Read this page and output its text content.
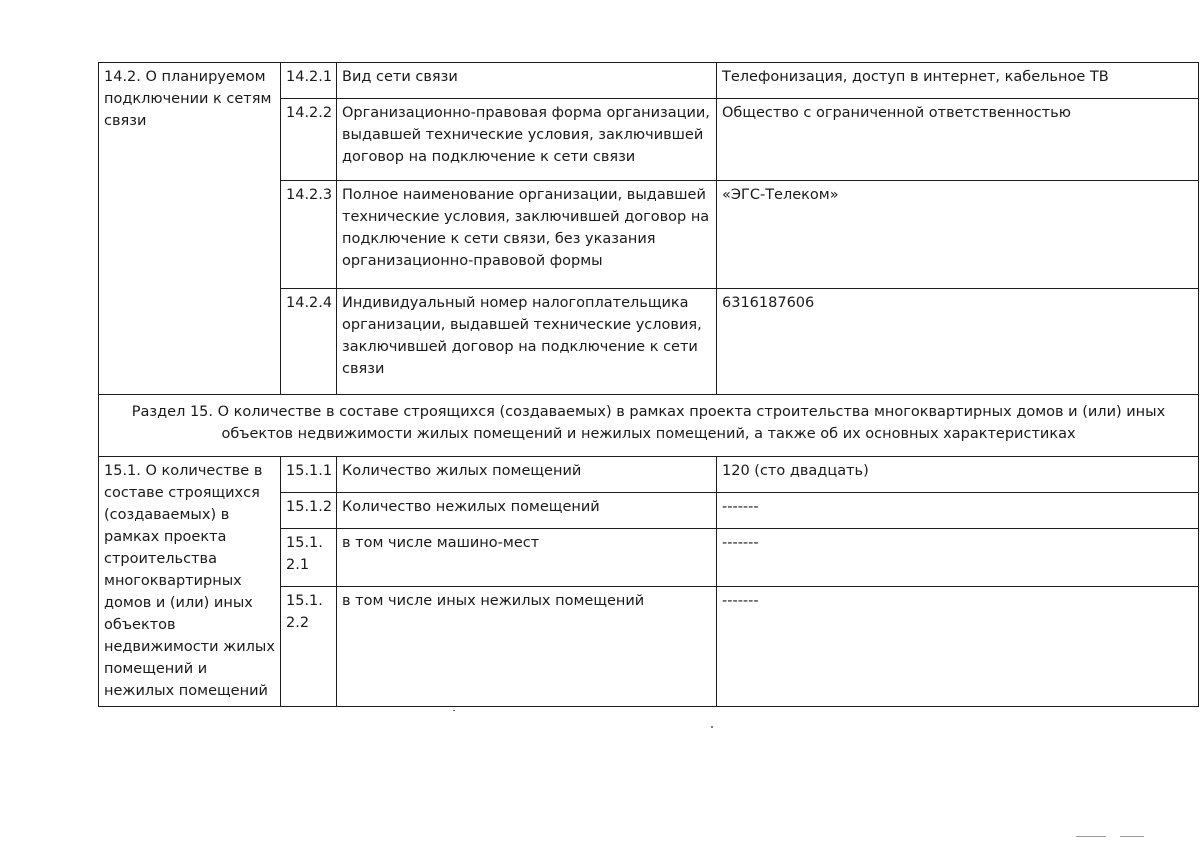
14.2. О планируемом подключении к сетям связи	14.2.1	Вид сети связи	Телефонизация, доступ в интернет, кабельное ТВ
	14.2.2	Организационно-правовая форма организации, выдавшей технические условия, заключившей договор на подключение к сети связи	Общество с ограниченной ответственностью
	14.2.3	Полное наименование организации, выдавшей технические условия, заключившей договор на подключение к сети связи, без указания организационно-правовой формы	«ЭГС-Телеком»
	14.2.4	Индивидуальный номер налогоплательщика организации, выдавшей технические условия, заключившей договор на подключение к сети связи	6316187606
Раздел 15. О количестве в составе строящихся (создаваемых) в рамках проекта строительства многоквартирных домов и (или) иных объектов недвижимости жилых помещений и нежилых помещений, а также об их основных характеристиках			
15.1. О количестве в составе строящихся (создаваемых) в рамках проекта строительства многоквартирных домов и (или) иных объектов недвижимости жилых помещений и нежилых помещений	15.1.1	Количество жилых помещений	120 (сто двадцать)
	15.1.2	Количество нежилых помещений	-------
	15.1.2.1	в том числе машино-мест	-------
	15.1.2.2	в том числе иных нежилых помещений	-------
